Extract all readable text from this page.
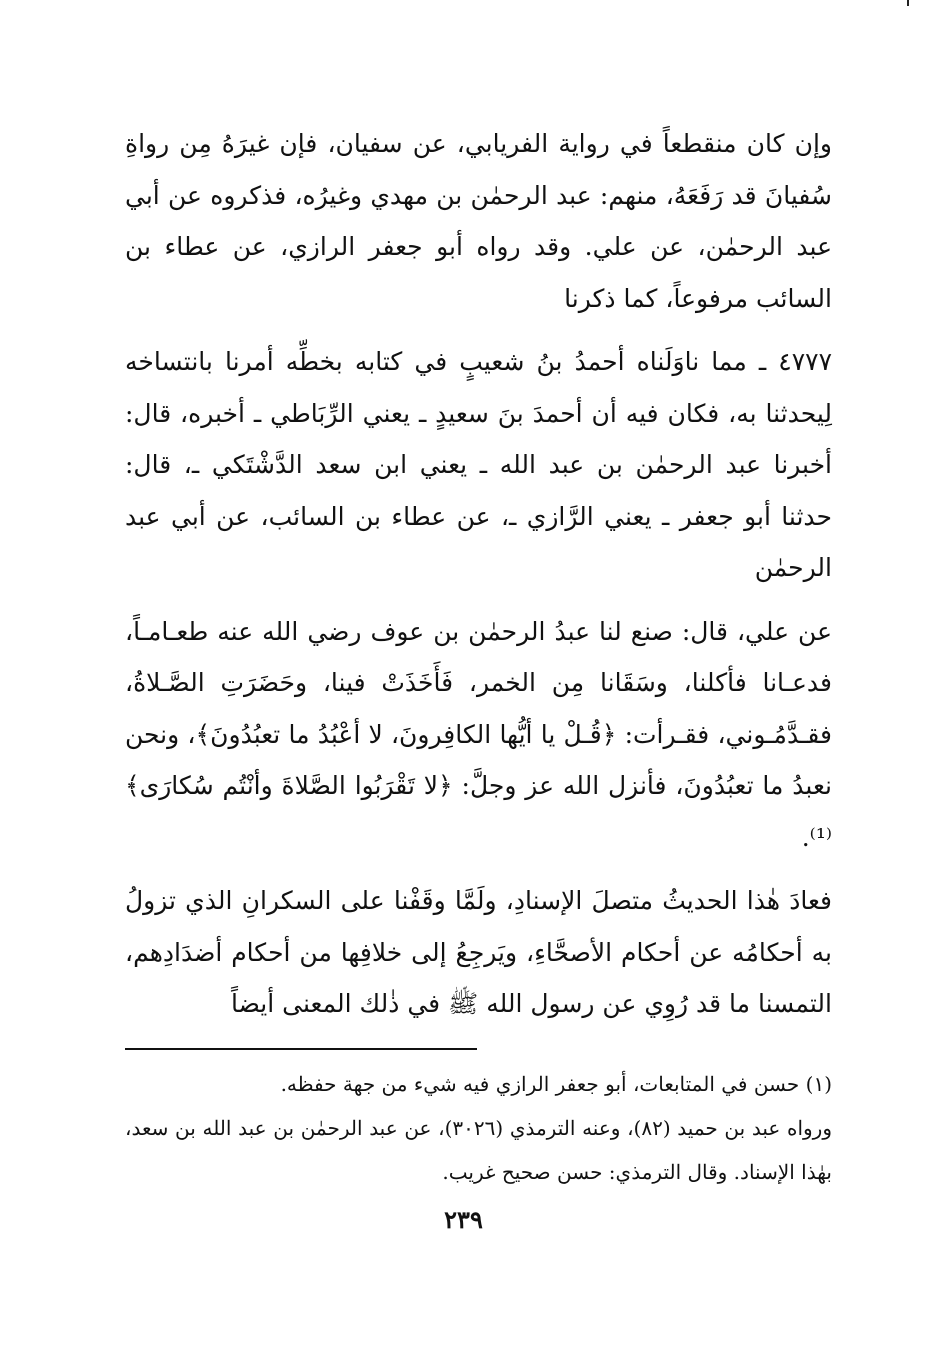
وإن كان منقطعاً في رواية الفريابي، عن سفيان، فإن غيرَهُ مِن رواةِ سُفيانَ قد رَفَعَهُ، منهم: عبد الرحمٰن بن مهدي وغيرُه، فذكروه عن أبي عبد الرحمٰن، عن علي. وقد رواه أبو جعفر الرازي، عن عطاء بن السائب مرفوعاً، كما ذكرنا

٤٧٧٧ ـ مما ناوَلَناه أحمدُ بنُ شعيبٍ في كتابه بخطِّه أمرنا بانتساخه لِيحدثنا به، فكان فيه أن أحمدَ بنَ سعيدٍ ـ يعني الرِّبَاطي ـ أخبره، قال: أخبرنا عبد الرحمٰن بن عبد الله ـ يعني ابن سعد الدَّشْتَكي ـ، قال: حدثنا أبو جعفر ـ يعني الرَّازي ـ، عن عطاء بن السائب، عن أبي عبد الرحمٰن

عن علي، قال: صنع لنا عبدُ الرحمٰن بن عوف رضي الله عنه طعـامـاً، فدعـانا فأكلنا، وسَقَانا مِن الخمر، فَأَخَذَتْ فينا، وحَضَرَتِ الصَّـلاةُ، فقـدَّمُـوني، فقـرأت: ﴿قُـلْ يا أيُّها الكافِرونَ، لا أعْبُدُ ما تعبُدُونَ﴾، ونحن نعبدُ ما تعبُدُونَ، فأنزل الله عز وجلَّ: ﴿لا تَقْرَبُوا الصَّلاةَ وأنْتُم سُكارَى﴾⁽¹⁾.

فعادَ هٰذا الحديثُ متصلَ الإسنادِ، ولَمَّا وقَفْنا على السكرانِ الذي تزولُ به أحكامُه عن أحكام الأصحَّاءِ، ويَرجِعُ إلى خلافِها من أحكام أضدَادِهم، التمسنا ما قد رُوِي عن رسول الله ﷺ في ذٰلك المعنى أيضاً

(١) حسن في المتابعات، أبو جعفر الرازي فيه شيء من جهة حفظه.

ورواه عبد بن حميد (٨٢)، وعنه الترمذي (٣٠٢٦)، عن عبد الرحمٰن بن عبد الله بن سعد، بهٰذا الإسناد. وقال الترمذي: حسن صحيح غريب.

٢٣٩
